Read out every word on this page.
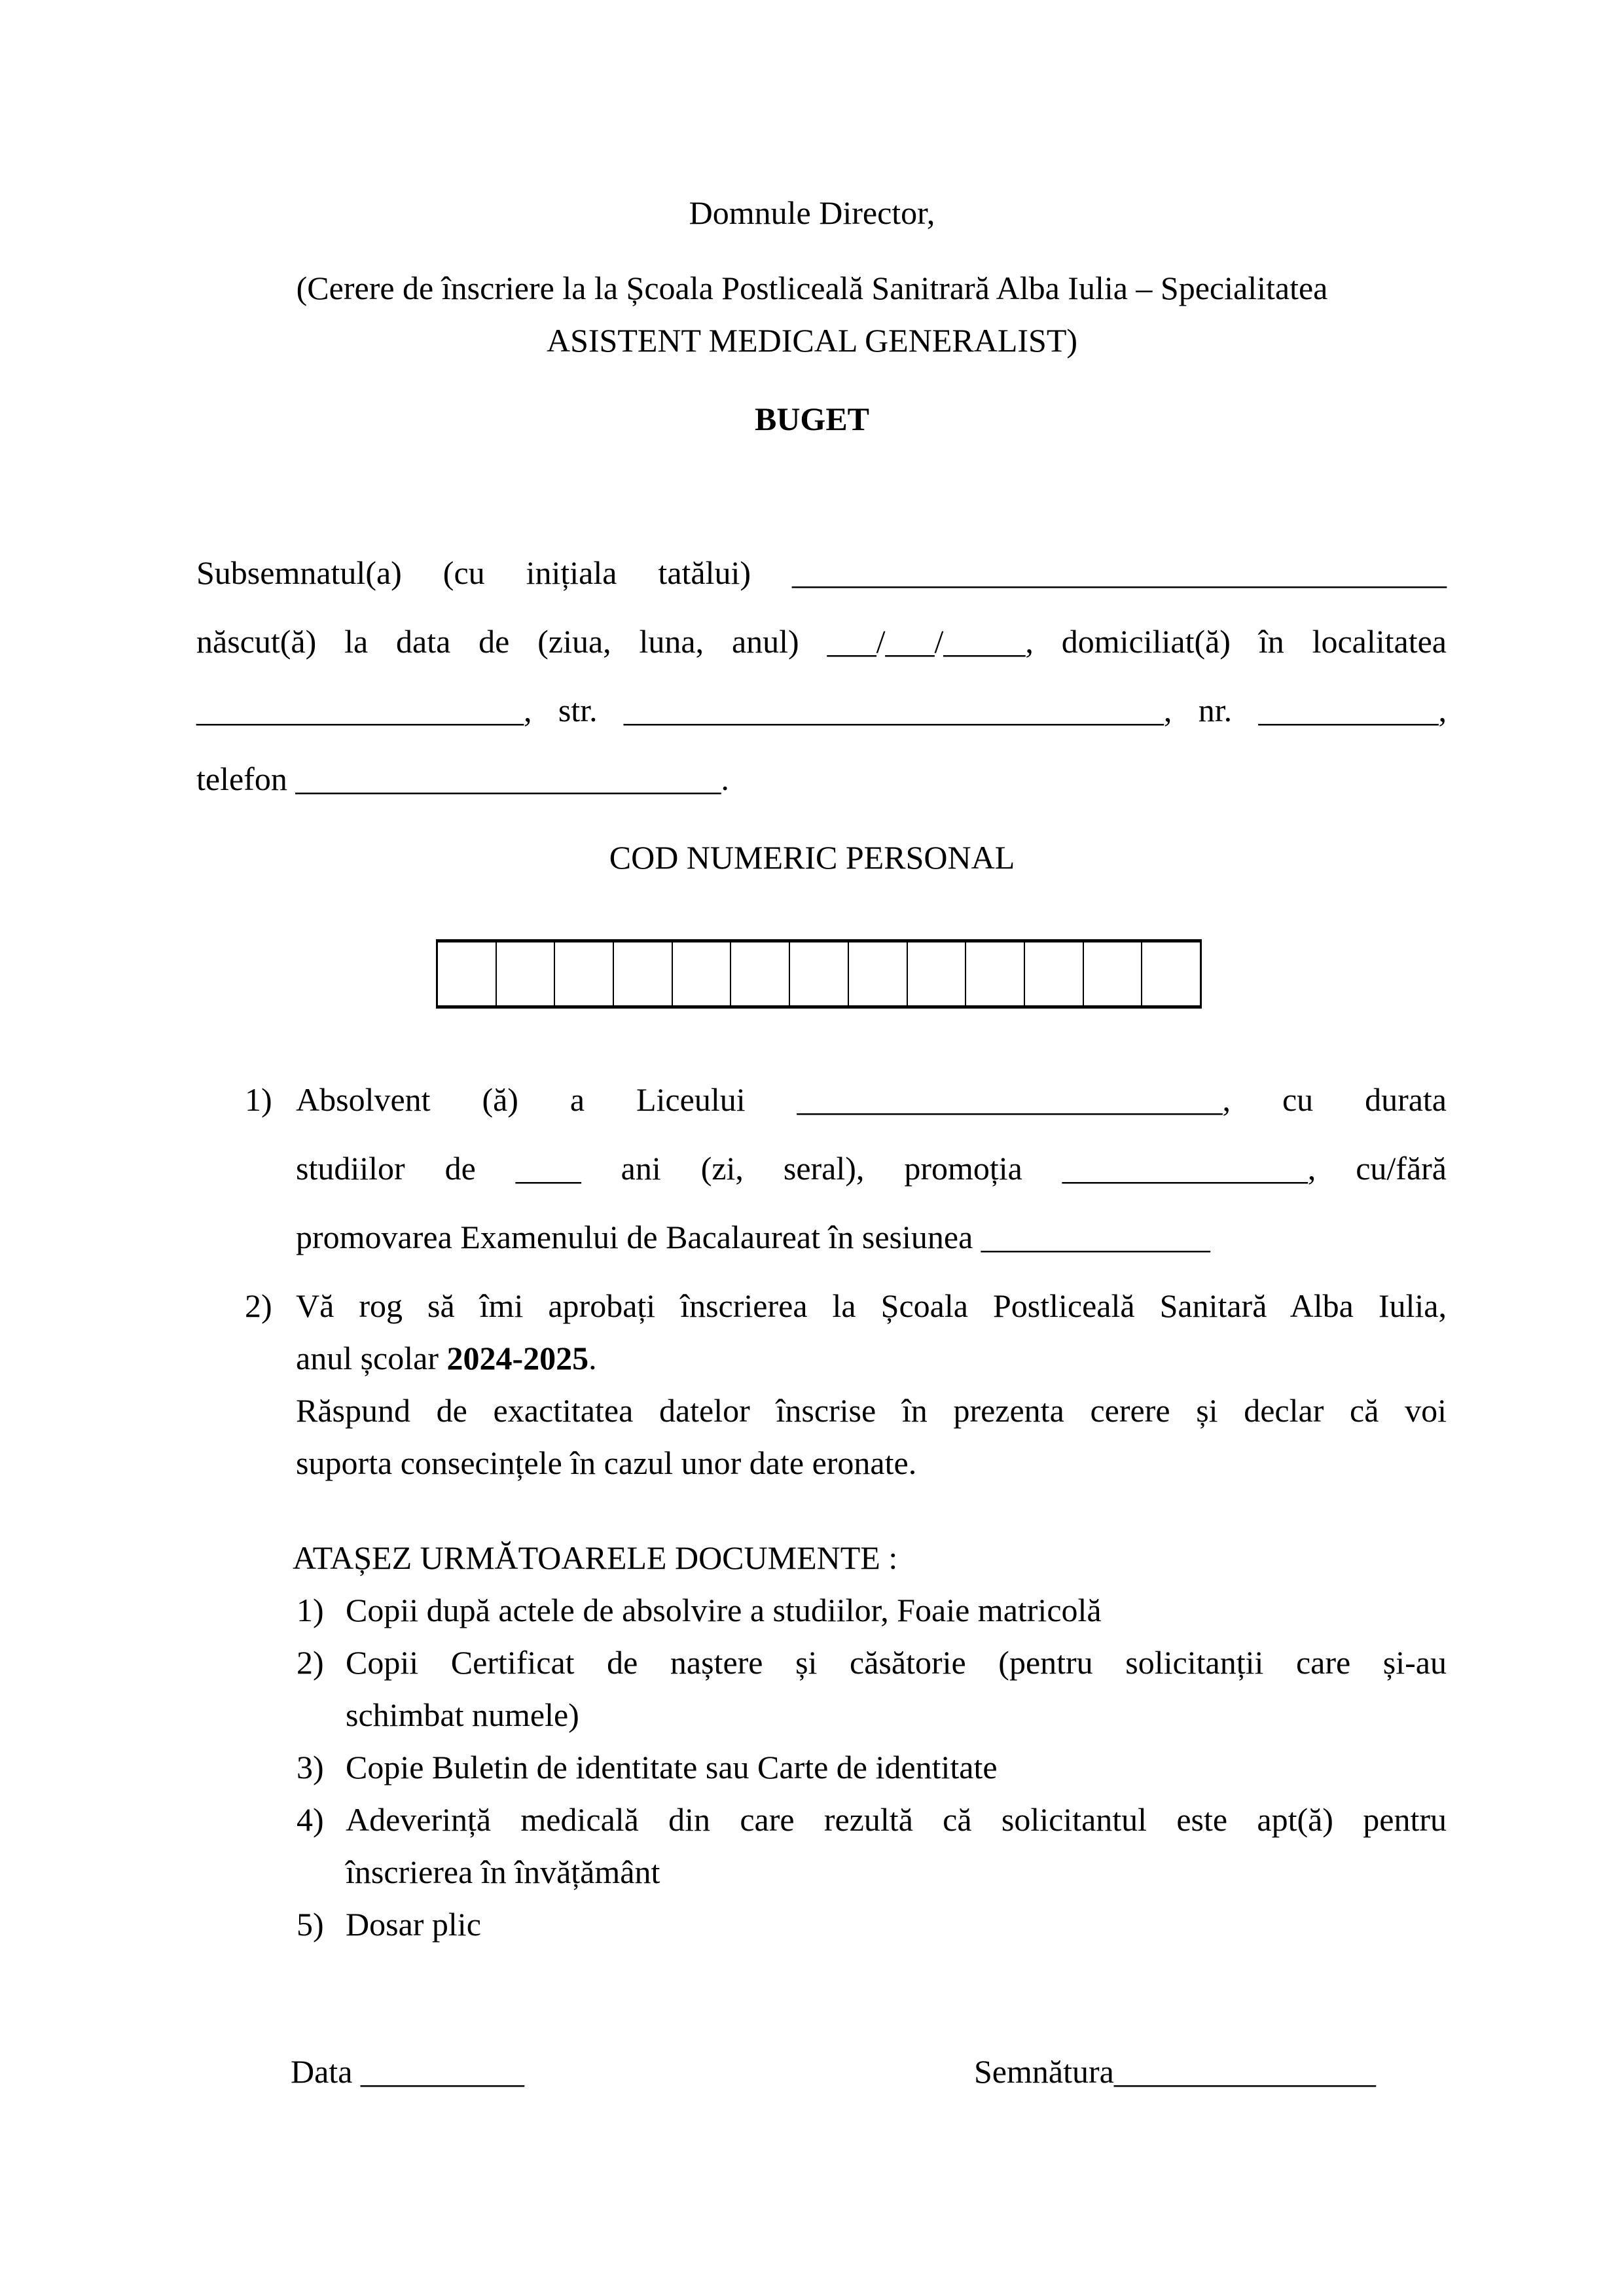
Domnule Director,
(Cerere de înscriere la la Școala Postliceală Sanitrară Alba Iulia – Specialitatea
ASISTENT MEDICAL GENERALIST)
BUGET
Subsemnatul(a) (cu inițiala tatălui) ________________________________________
născut(ă) la data de (ziua, luna, anul) ___/___/_____, domiciliat(ă) în localitatea
____________________, str. _________________________________, nr. ___________,
telefon __________________________.
COD NUMERIC PERSONAL
1) Absolvent (ă) a Liceului __________________________, cu durata
studiilor de ____ ani (zi, seral), promoția _______________, cu/fără
promovarea Examenului de Bacalaureat în sesiunea ______________
2) Vă rog să îmi aprobați înscrierea la Școala Postliceală Sanitară Alba Iulia,
anul școlar 2024-2025.
Răspund de exactitatea datelor înscrise în prezenta cerere și declar că voi
suporta consecințele în cazul unor date eronate.
ATAȘEZ URMĂTOARELE DOCUMENTE :
1) Copii după actele de absolvire a studiilor, Foaie matricolă
2) Copii Certificat de naștere și căsătorie (pentru solicitanții care și-au
schimbat numele)
3) Copie Buletin de identitate sau Carte de identitate
4) Adeverință medicală din care rezultă că solicitantul este apt(ă) pentru
înscrierea în învățământ
5) Dosar plic
Data __________	Semnătura________________
